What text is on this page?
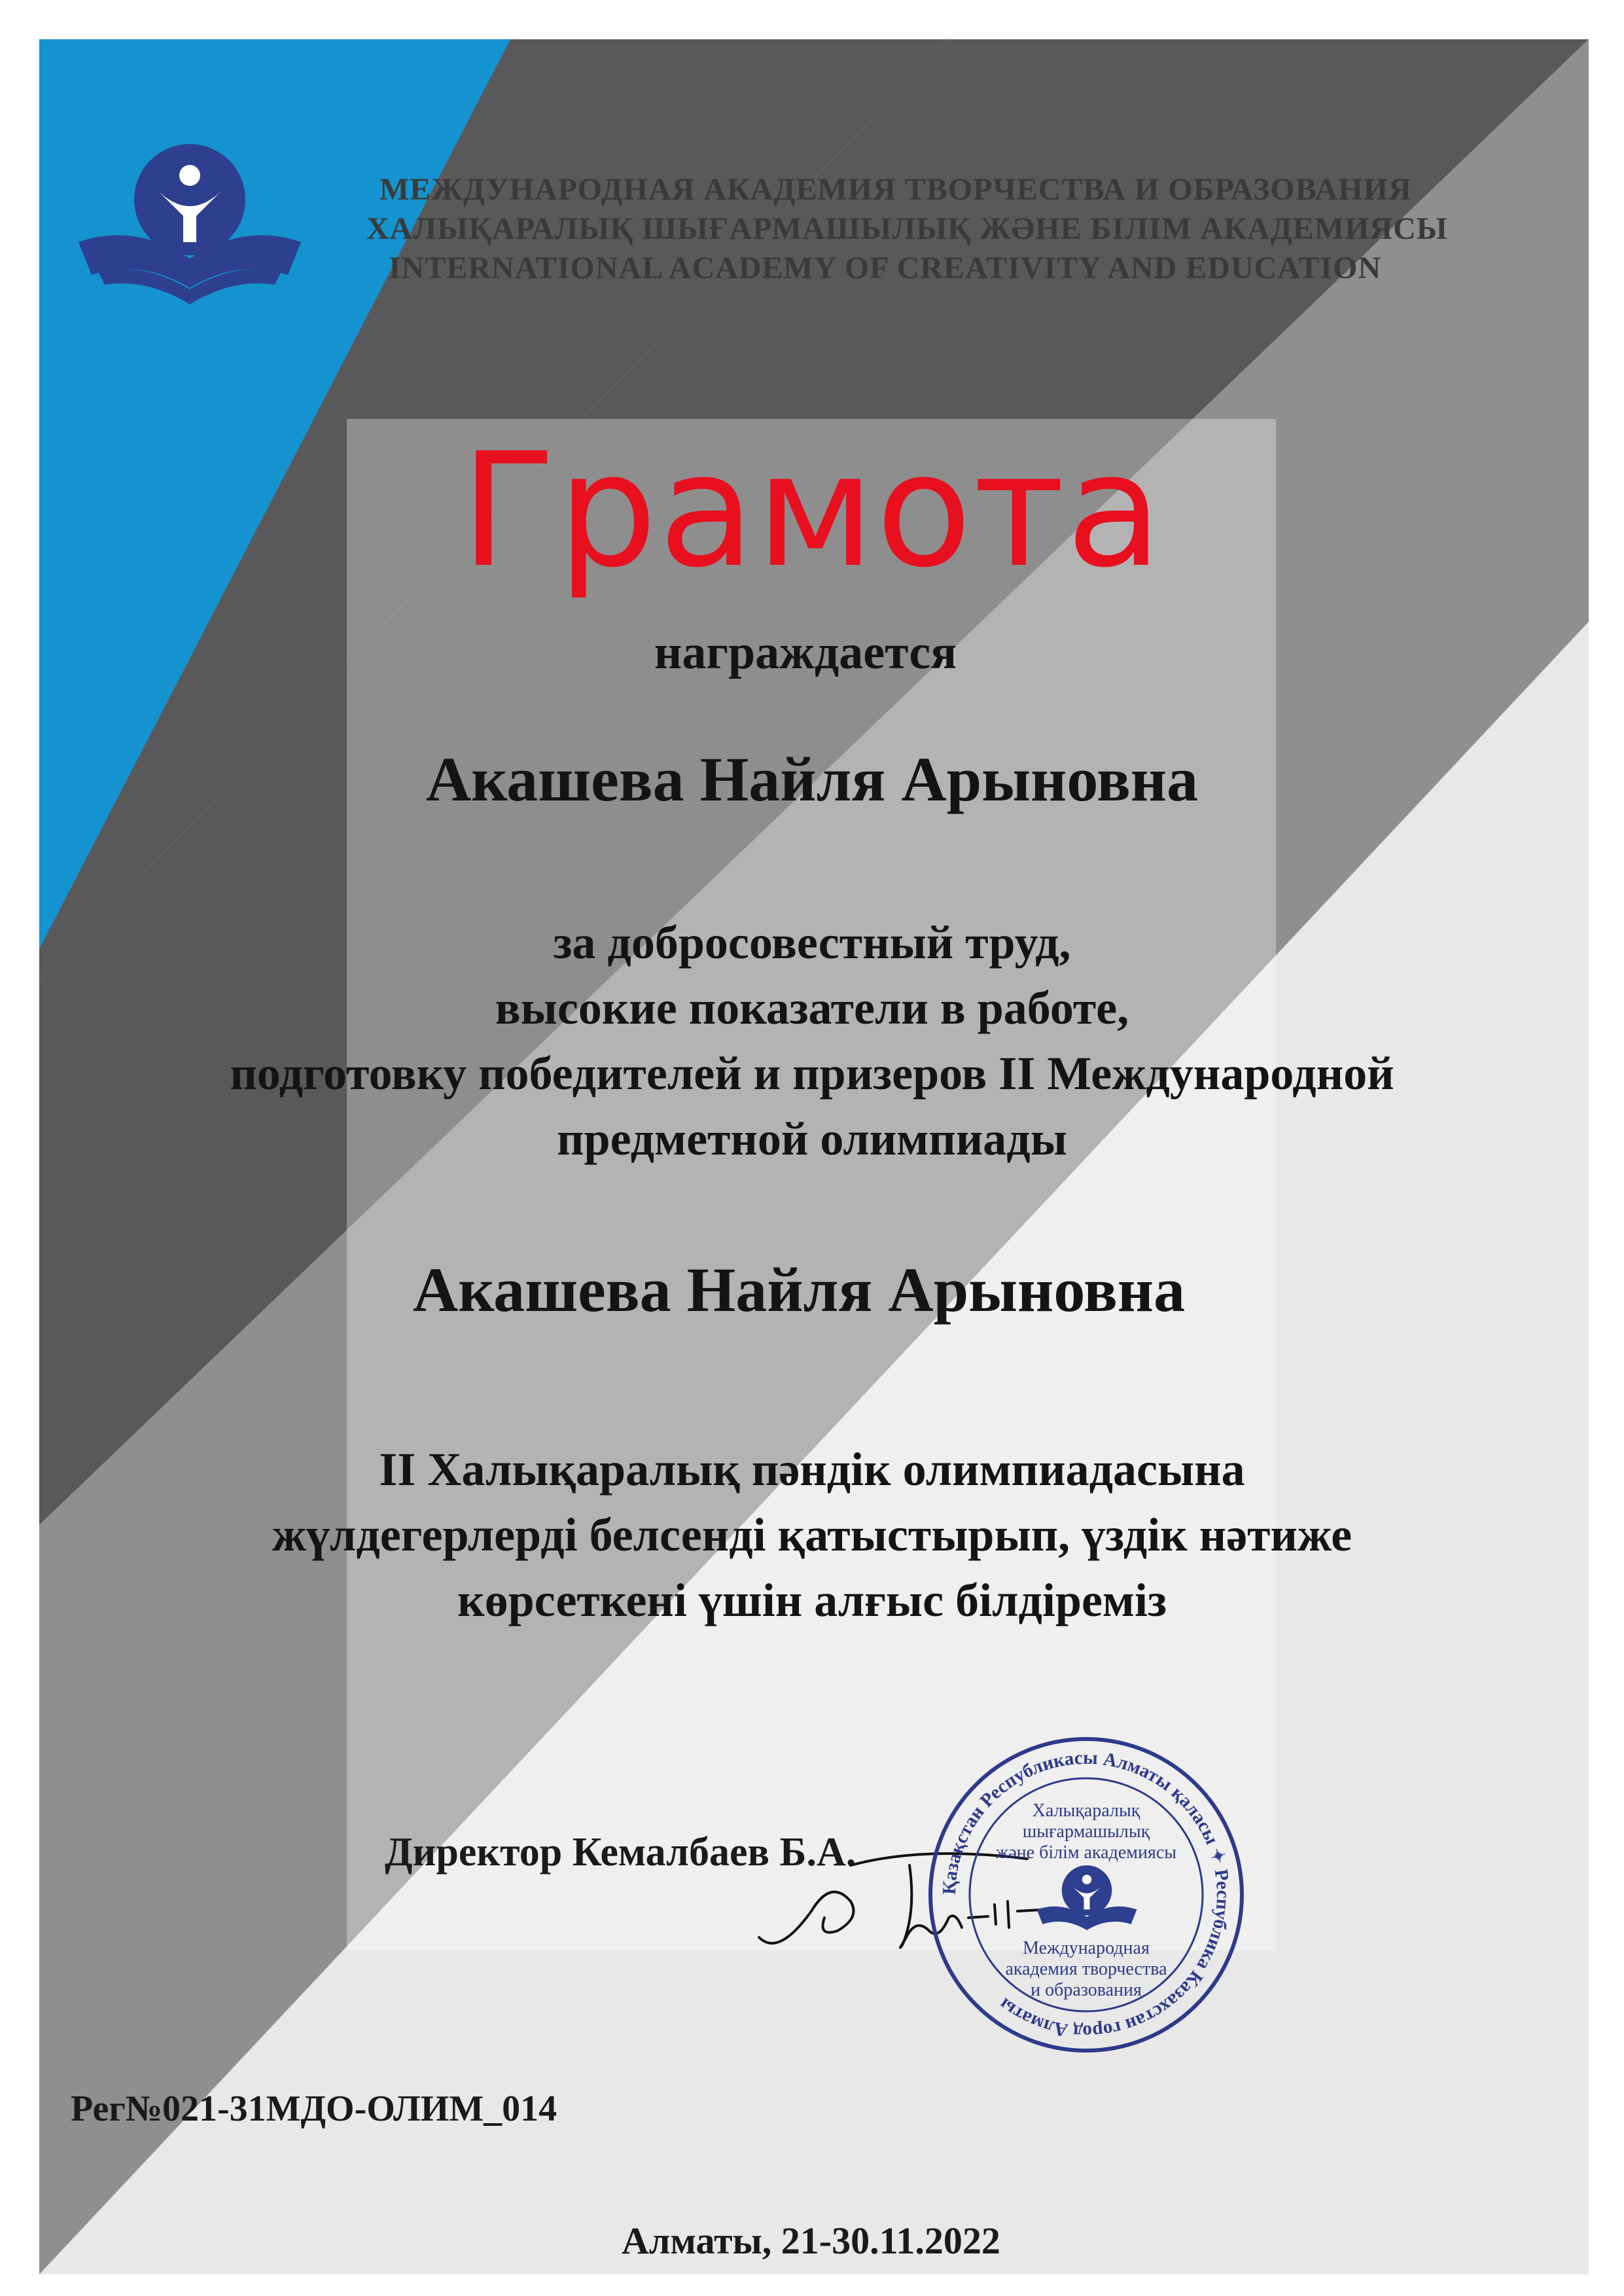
МЕЖДУНАРОДНАЯ АКАДЕМИЯ ТВОРЧЕСТВА И ОБРАЗОВАНИЯ
ХАЛЫҚАРАЛЫҚ ШЫҒАРМАШЫЛЫҚ ЖӘНЕ БІЛІМ АКАДЕМИЯСЫ
INTERNATIONAL ACADEMY OF CREATIVITY AND EDUCATION
Грамота
награждается
Акашева Найля Арыновна
за добросовестный труд,
высокие показатели в работе,
подготовку победителей и призеров II Международной
предметной олимпиады
Акашева Найля Арыновна
II Халықаралық пәндік олимпиадасына
жүлдегерлерді белсенді қатыстырып, үздік нәтиже
көрсеткені үшін алғыс білдіреміз
Директор Кемалбаев Б.А.
Қазақстан Республикасы Алматы қаласы ✦ Республика Казахстан город Алматы
Халықаралық
шығармашылық
және білім академиясы
Международная
академия творчества
и образования
Рег№021-31МДО-ОЛИМ_014
Алматы, 21-30.11.2022
